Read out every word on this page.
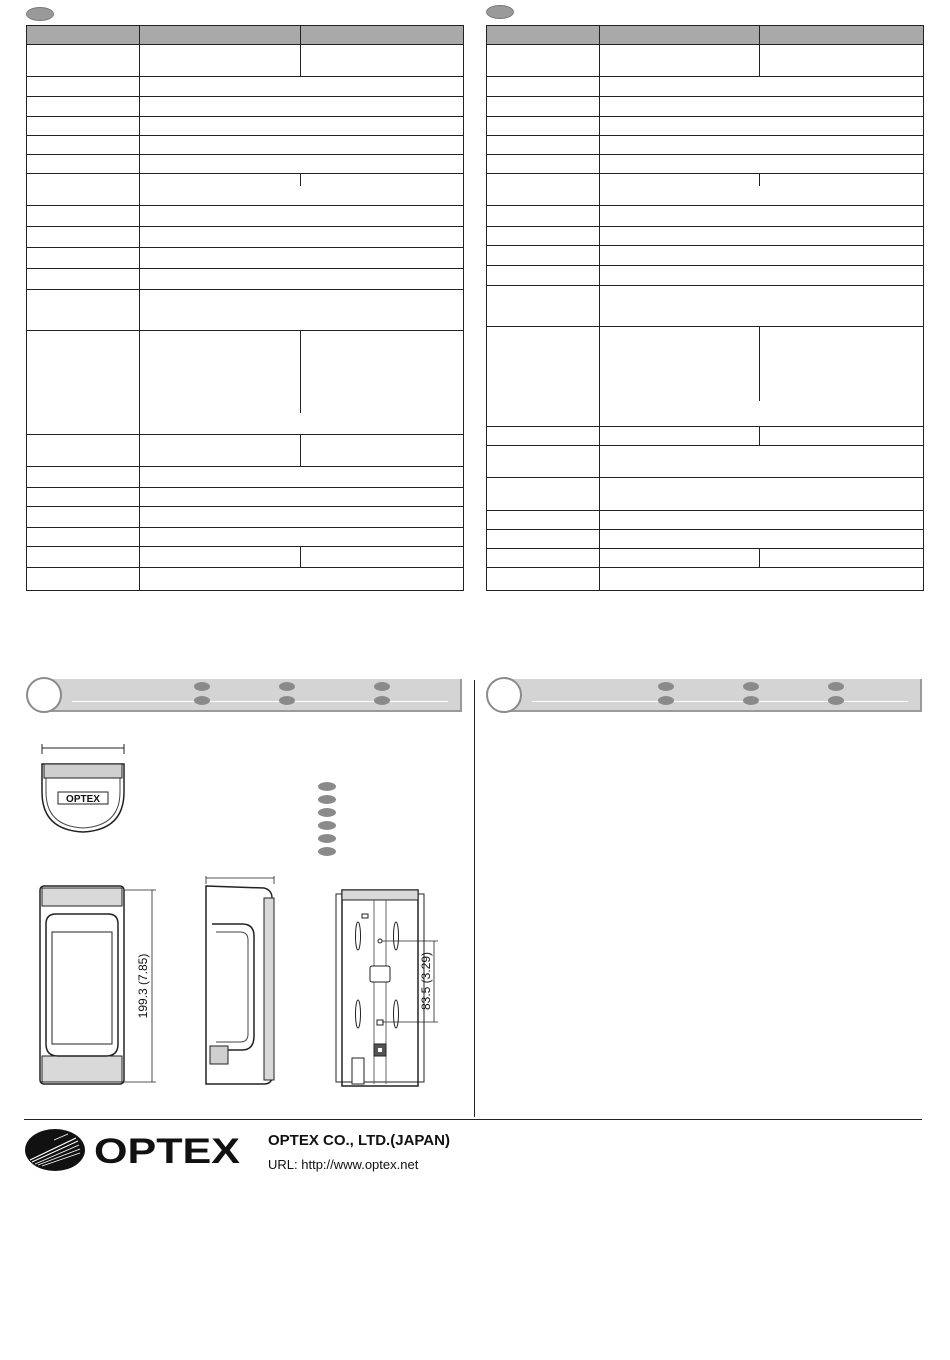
OPTEX
199.3 (7.85)	83.5 (3.29)
OPTEX OPTEX CO., LTD.(JAPAN)
URL: http://www.optex.net
